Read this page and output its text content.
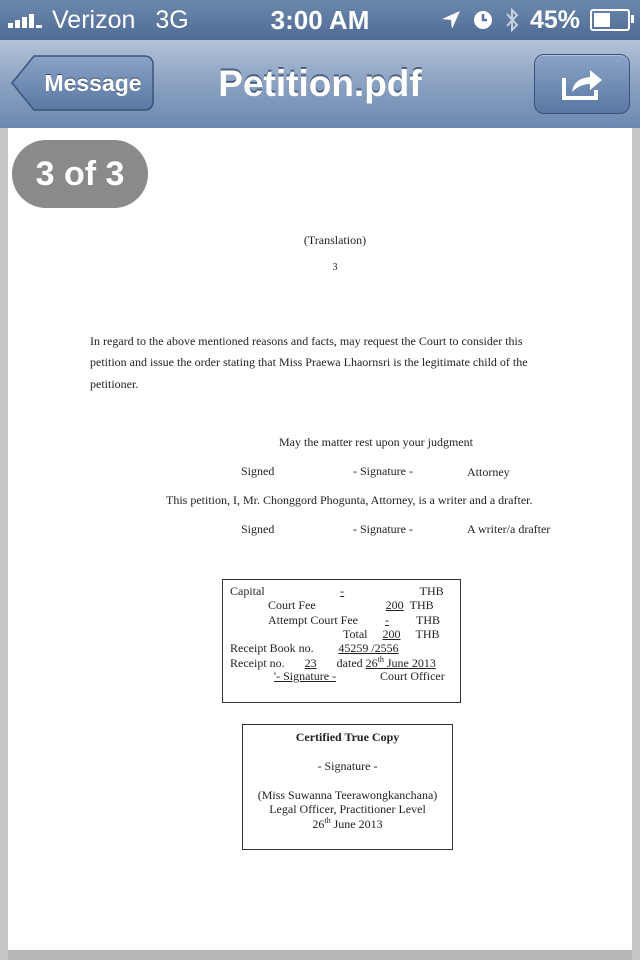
Verizon 3G	3:00 AM	45%
Message	Petition.pdf
(Translation)
3
In regard to the above mentioned reasons and facts, may request the Court to consider this
petition and issue the order stating that Miss Praewa Lhaornsri is the legitimate child of the
petitioner.
May the matter rest upon your judgment
Signed	- Signature -	Attorney
This petition, I, Mr. Chonggord Phogunta, Attorney, is a writer and a drafter.
Signed	- Signature -	A writer/a drafter
Capital	-	THB
Court Fee	200 THB
Attempt Court Fee - THB
Total 200 THB
Receipt Book no. 45259 /2556
Receipt no. 23 dated 26th June 2013
'- Signature -	Court Officer
Certified True Copy
- Signature -
(Miss Suwanna Teerawongkanchana)
Legal Officer, Practitioner Level
26th June 2013
3 of 3
